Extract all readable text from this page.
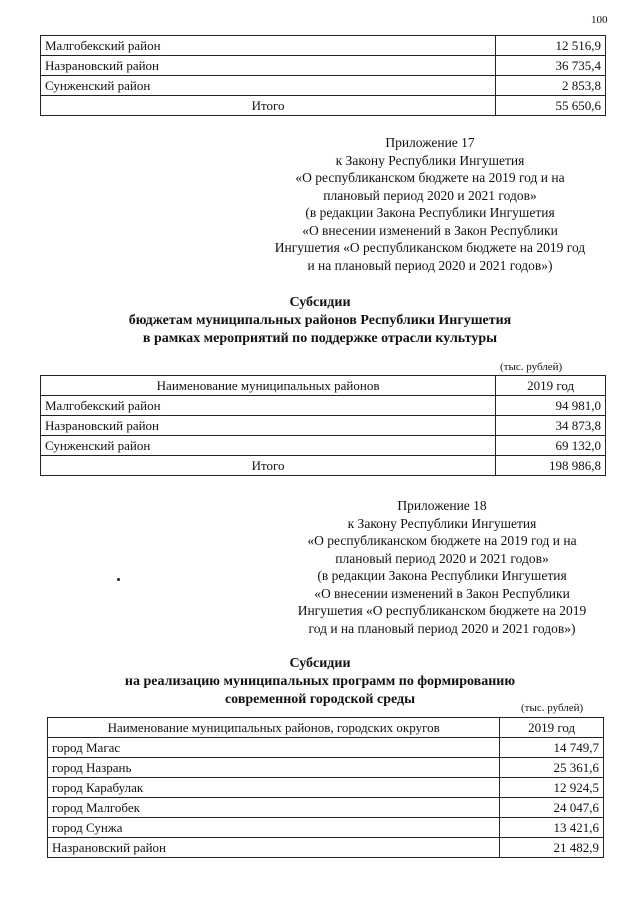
100
Малгобекский район	12 516,9
Назрановский район	36 735,4
Сунженский район	2 853,8
Итого	55 650,6
Приложение 17
к Закону Республики Ингушетия
«О республиканском бюджете на 2019 год и на
плановый период 2020 и 2021 годов»
(в редакции Закона Республики Ингушетия
«О внесении изменений в Закон Республики
Ингушетия «О республиканском бюджете на 2019 год
и на плановый период 2020 и 2021 годов»)
Субсидии
бюджетам муниципальных районов Республики Ингушетия
в рамках мероприятий по поддержке отрасли культуры
(тыс. рублей)
Наименование муниципальных районов	2019 год
Малгобекский район	94 981,0
Назрановский район	34 873,8
Сунженский район	69 132,0
Итого	198 986,8
Приложение 18
к Закону Республики Ингушетия
«О республиканском бюджете на 2019 год и на
плановый период 2020 и 2021 годов»
(в редакции Закона Республики Ингушетия
«О внесении изменений в Закон Республики
Ингушетия «О республиканском бюджете на 2019
год и на плановый период 2020 и 2021 годов»)
Субсидии
на реализацию муниципальных программ по формированию
современной городской среды
(тыс. рублей)
Наименование муниципальных районов, городских округов	2019 год
город Магас	14 749,7
город Назрань	25 361,6
город Карабулак	12 924,5
город Малгобек	24 047,6
город Сунжа	13 421,6
Назрановский район	21 482,9
